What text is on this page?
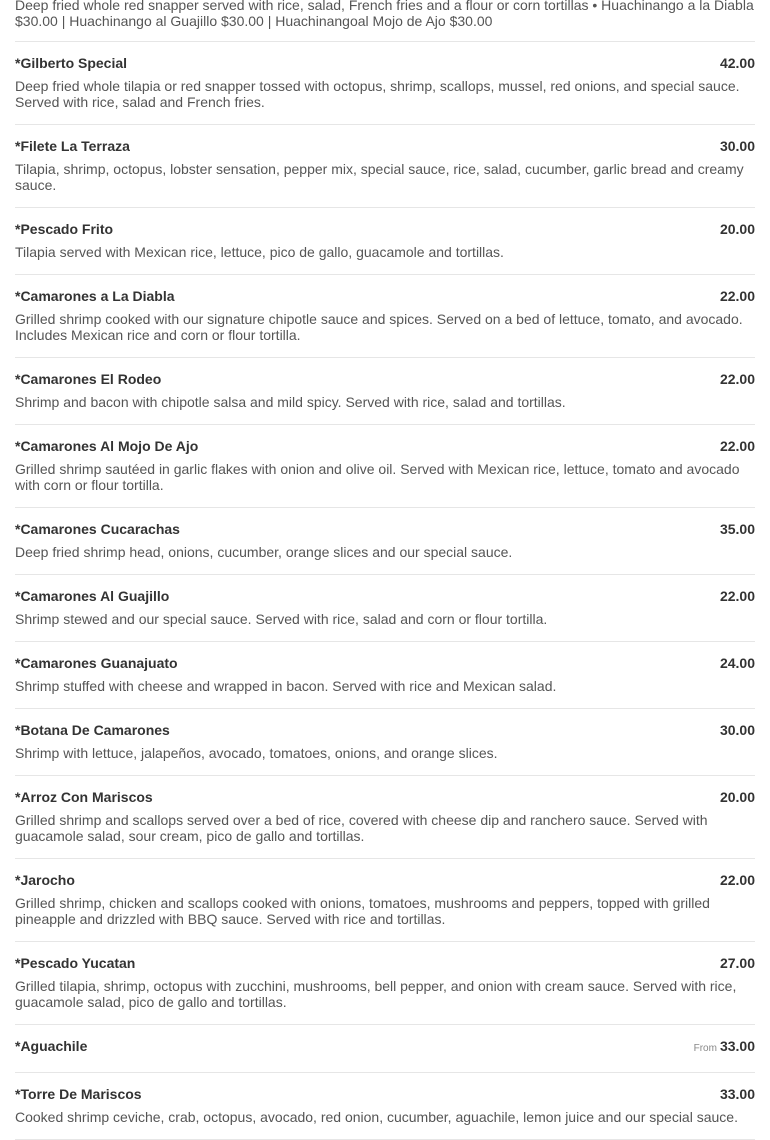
Deep fried whole red snapper served with rice, salad, French fries and a flour or corn tortillas • Huachinango a la Diabla $30.00 | Huachinango al Guajillo $30.00 | Huachinangoal Mojo de Ajo $30.00
*Gilberto Special	42.00
Deep fried whole tilapia or red snapper tossed with octopus, shrimp, scallops, mussel, red onions, and special sauce. Served with rice, salad and French fries.
*Filete La Terraza	30.00
Tilapia, shrimp, octopus, lobster sensation, pepper mix, special sauce, rice, salad, cucumber, garlic bread and creamy sauce.
*Pescado Frito	20.00
Tilapia served with Mexican rice, lettuce, pico de gallo, guacamole and tortillas.
*Camarones a La Diabla	22.00
Grilled shrimp cooked with our signature chipotle sauce and spices. Served on a bed of lettuce, tomato, and avocado. Includes Mexican rice and corn or flour tortilla.
*Camarones El Rodeo	22.00
Shrimp and bacon with chipotle salsa and mild spicy. Served with rice, salad and tortillas.
*Camarones Al Mojo De Ajo	22.00
Grilled shrimp sautéed in garlic flakes with onion and olive oil. Served with Mexican rice, lettuce, tomato and avocado with corn or flour tortilla.
*Camarones Cucarachas	35.00
Deep fried shrimp head, onions, cucumber, orange slices and our special sauce.
*Camarones Al Guajillo	22.00
Shrimp stewed and our special sauce. Served with rice, salad and corn or flour tortilla.
*Camarones Guanajuato	24.00
Shrimp stuffed with cheese and wrapped in bacon. Served with rice and Mexican salad.
*Botana De Camarones	30.00
Shrimp with lettuce, jalapeños, avocado, tomatoes, onions, and orange slices.
*Arroz Con Mariscos	20.00
Grilled shrimp and scallops served over a bed of rice, covered with cheese dip and ranchero sauce. Served with guacamole salad, sour cream, pico de gallo and tortillas.
*Jarocho	22.00
Grilled shrimp, chicken and scallops cooked with onions, tomatoes, mushrooms and peppers, topped with grilled pineapple and drizzled with BBQ sauce. Served with rice and tortillas.
*Pescado Yucatan	27.00
Grilled tilapia, shrimp, octopus with zucchini, mushrooms, bell pepper, and onion with cream sauce. Served with rice, guacamole salad, pico de gallo and tortillas.
*Aguachile	From 33.00
*Torre De Mariscos	33.00
Cooked shrimp ceviche, crab, octopus, avocado, red onion, cucumber, aguachile, lemon juice and our special sauce.
